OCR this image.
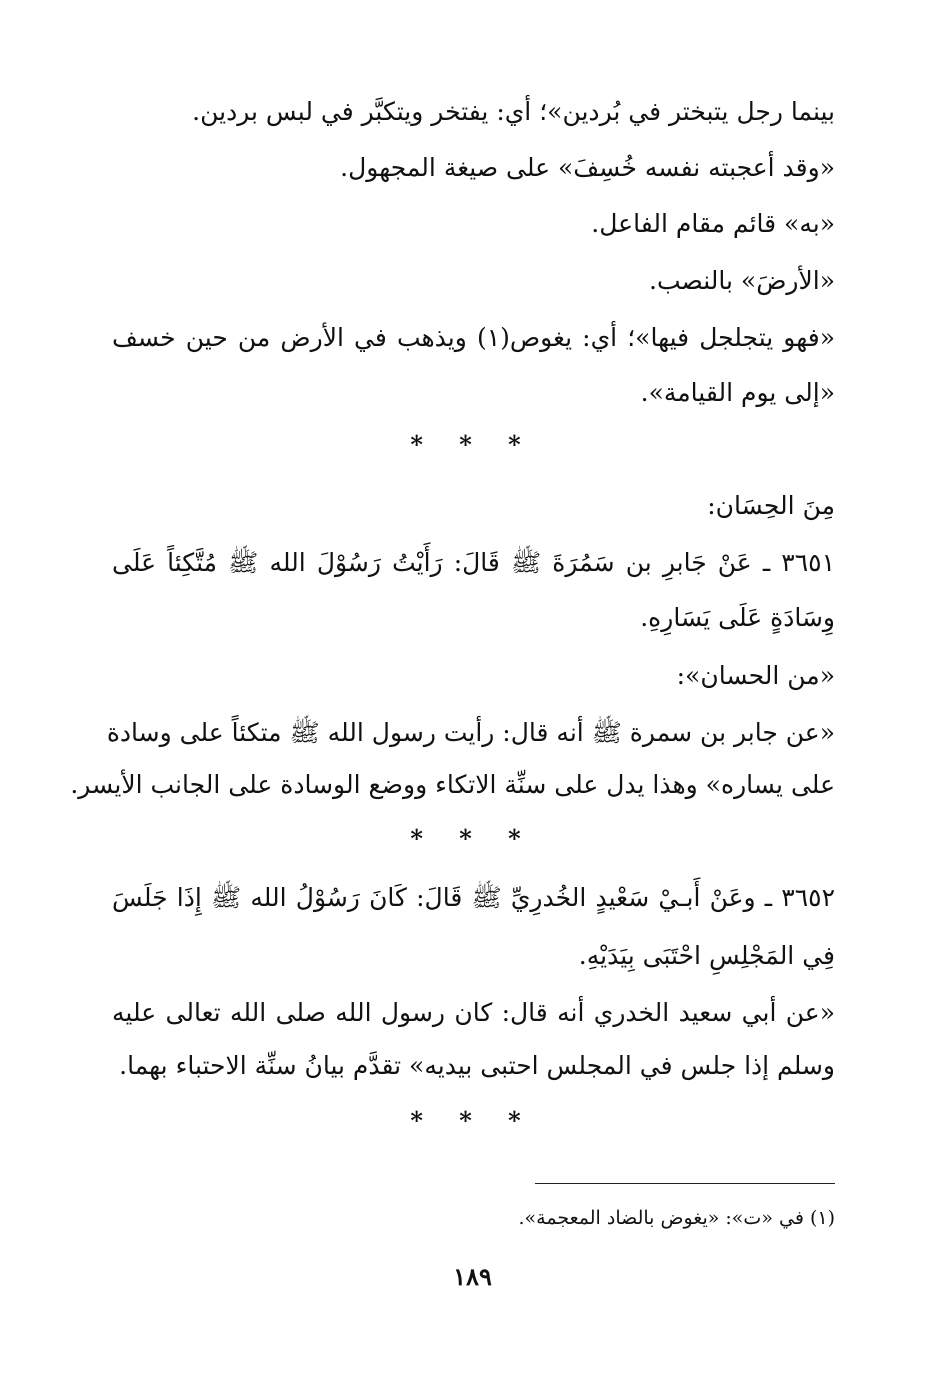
بينما رجل يتبختر في بُردين»؛ أي: يفتخر ويتكبَّر في لبس بردين.
«وقد أعجبته نفسه خُسِفَ» على صيغة المجهول.
«به» قائم مقام الفاعل.
«الأرضَ» بالنصب.
«فهو يتجلجل فيها»؛ أي: يغوص(١) ويذهب في الأرض من حين خسف
«إلى يوم القيامة».
* * *
مِنَ الحِسَان:
٣٦٥١ ـ عَنْ جَابرِ بن سَمُرَةَ ﷺ قَالَ: رَأَيْتُ رَسُوْلَ الله ﷺ مُتَّكِئاً عَلَى
وِسَادَةٍ عَلَى يَسَارِهِ.
«من الحسان»:
«عن جابر بن سمرة ﷺ أنه قال: رأيت رسول الله ﷺ متكئاً على وسادة
على يساره» وهذا يدل على سنِّة الاتكاء ووضع الوسادة على الجانب الأيسر.
* * *
٣٦٥٢ ـ وعَنْ أَبـيْ سَعْيدٍ الخُدرِيِّ ﷺ قَالَ: كَانَ رَسُوْلُ الله ﷺ إِذَا جَلَسَ
فِي المَجْلِسِ احْتَبَى بِيَدَيْهِ.
«عن أبي سعيد الخدري أنه قال: كان رسول الله صلى الله تعالى عليه
وسلم إذا جلس في المجلس احتبى بيديه» تقدَّم بيانُ سنِّة الاحتباء بهما.
* * *
(١) في «ت»: «يغوض بالضاد المعجمة».
١٨٩
